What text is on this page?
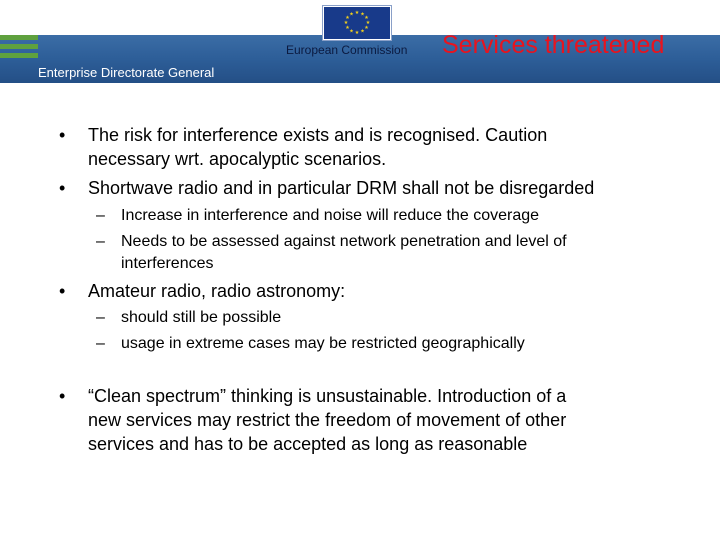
★ ★
★
★
★
★
★
★
★
★
★
★
European Commission Services threatened
Enterprise Directorate General
• The risk for interference exists and is recognised. Caution
necessary wrt. apocalyptic scenarios.
• Shortwave radio and in particular DRM shall not be disregarded
– Increase in interference and noise will reduce the coverage
– Needs to be assessed against network penetration and level of
interferences
• Amateur radio, radio astronomy:
– should still be possible
– usage in extreme cases may be restricted geographically
• “Clean spectrum” thinking is unsustainable. Introduction of a
new services may restrict the freedom of movement of other
services and has to be accepted as long as reasonable
